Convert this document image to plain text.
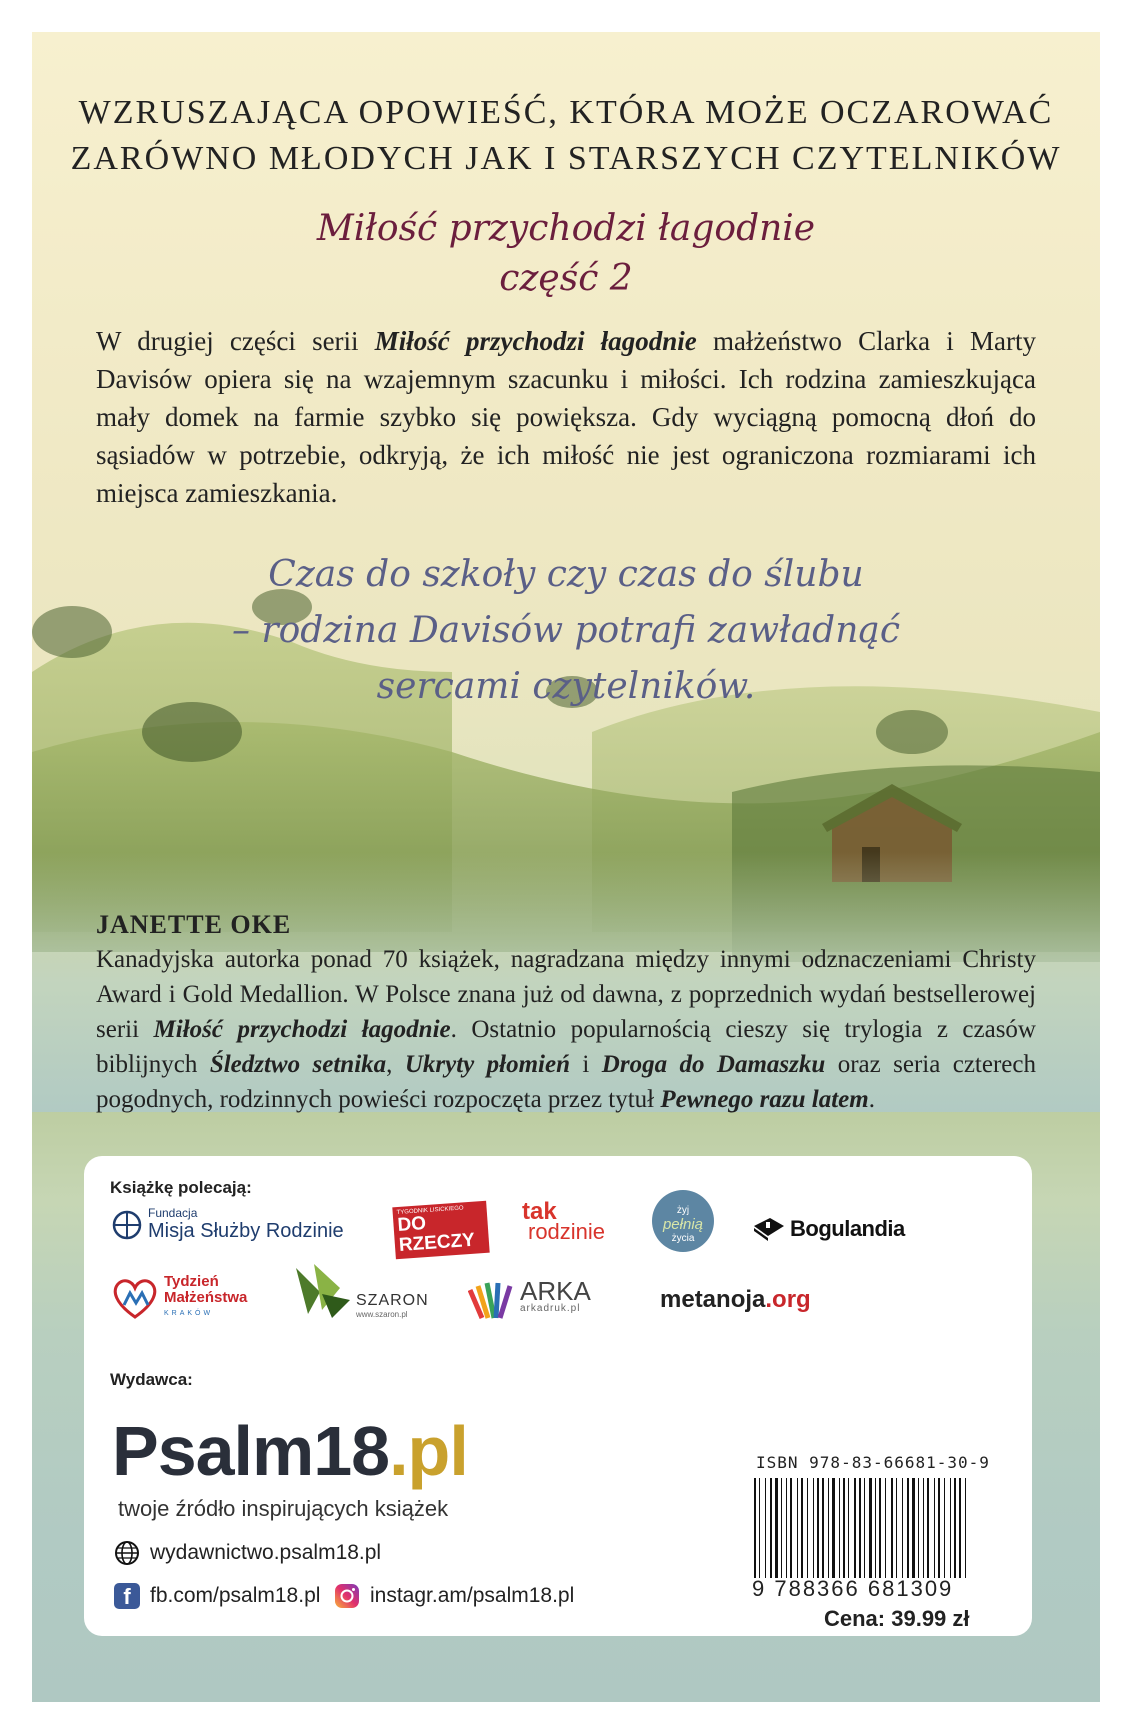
WZRUSZAJĄCA OPOWIEŚĆ, KTÓRA MOŻE OCZAROWAĆ
ZARÓWNO MŁODYCH JAK I STARSZYCH CZYTELNIKÓW
Miłość przychodzi łagodnie
część 2
W drugiej części serii Miłość przychodzi łagodnie małżeństwo Clarka i Marty Davisów opiera się na wzajemnym szacunku i miłości. Ich rodzina zamieszkująca mały domek na farmie szybko się powiększa. Gdy wyciągną pomocną dłoń do sąsiadów w potrzebie, odkryją, że ich miłość nie jest ograniczona rozmiarami ich miejsca zamieszkania.
Czas do szkoły czy czas do ślubu
– rodzina Davisów potrafi zawładnąć
sercami czytelników.
JANETTE OKE
Kanadyjska autorka ponad 70 książek, nagradzana między innymi odznaczeniami Christy Award i Gold Medallion. W Polsce znana już od dawna, z poprzednich wydań bestsellerowej serii Miłość przychodzi łagodnie. Ostatnio popularnością cieszy się trylogia z czasów biblijnych Śledztwo setnika, Ukryty płomień i Droga do Damaszku oraz seria czterech pogodnych, rodzinnych powieści rozpoczęta przez tytuł Pewnego razu latem.
Książkę polecają:
Fundacja
Misja Służby Rodzinie
TYGODNIK LISICKIEGO
DO RZECZY
tak
rodzinie
żyj
pełnią
życia	Bogulandia
Tydzień
Małżeństwa
KRAKÓW
SZARON
www.szaron.pl
ARKA
arkadruk.pl	metanoja.org
Wydawca:
Psalm18.pl
twoje źródło inspirujących książek
wydawnictwo.psalm18.pl
f fb.com/psalm18.pl instagr.am/psalm18.pl
ISBN 978-83-66681-30-9
9 788366 681309
Cena: 39.99 zł
